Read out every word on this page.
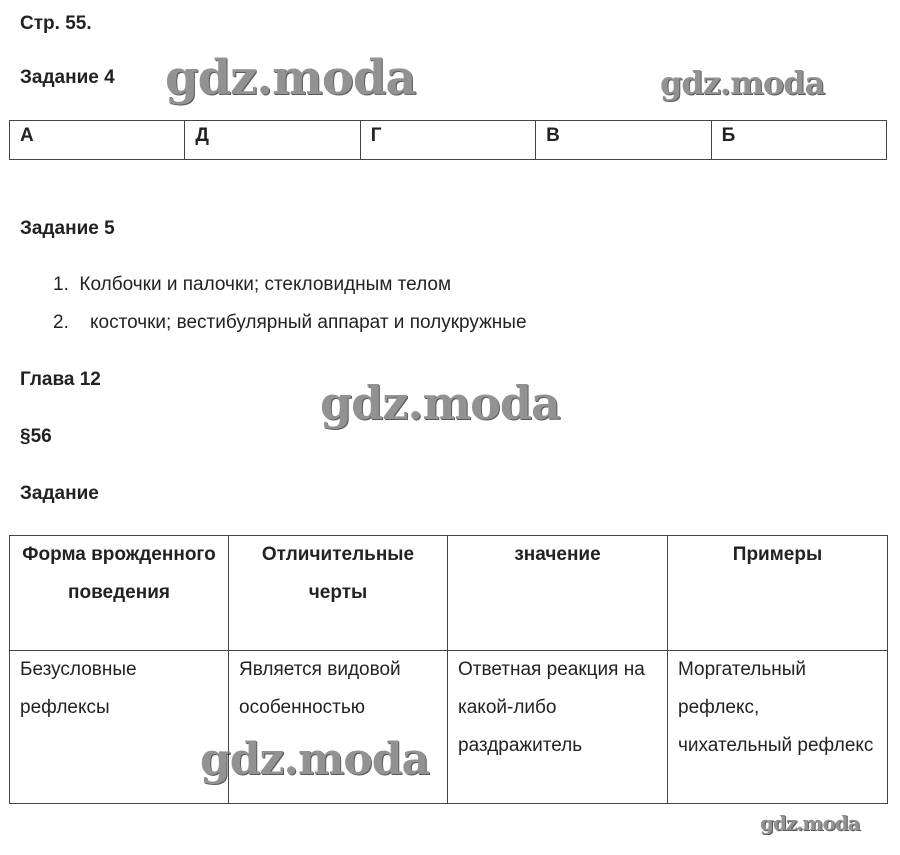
Стр. 55.
Задание 4
А	Д	Г	В	Б
Задание 5
1. Колбочки и палочки; стекловидным телом
2.    косточки; вестибулярный аппарат и полукружные
Глава 12
§56
Задание
Форма врожденного поведения	Отличительные черты	значение	Примеры
Безусловные рефлексы	Является видовой особенностью	Ответная реакция на какой-либо раздражитель	Моргательный рефлекс, чихательный рефлекс
gdz.moda	gdz.moda
gdz.moda
gdz.moda
gdz.moda
